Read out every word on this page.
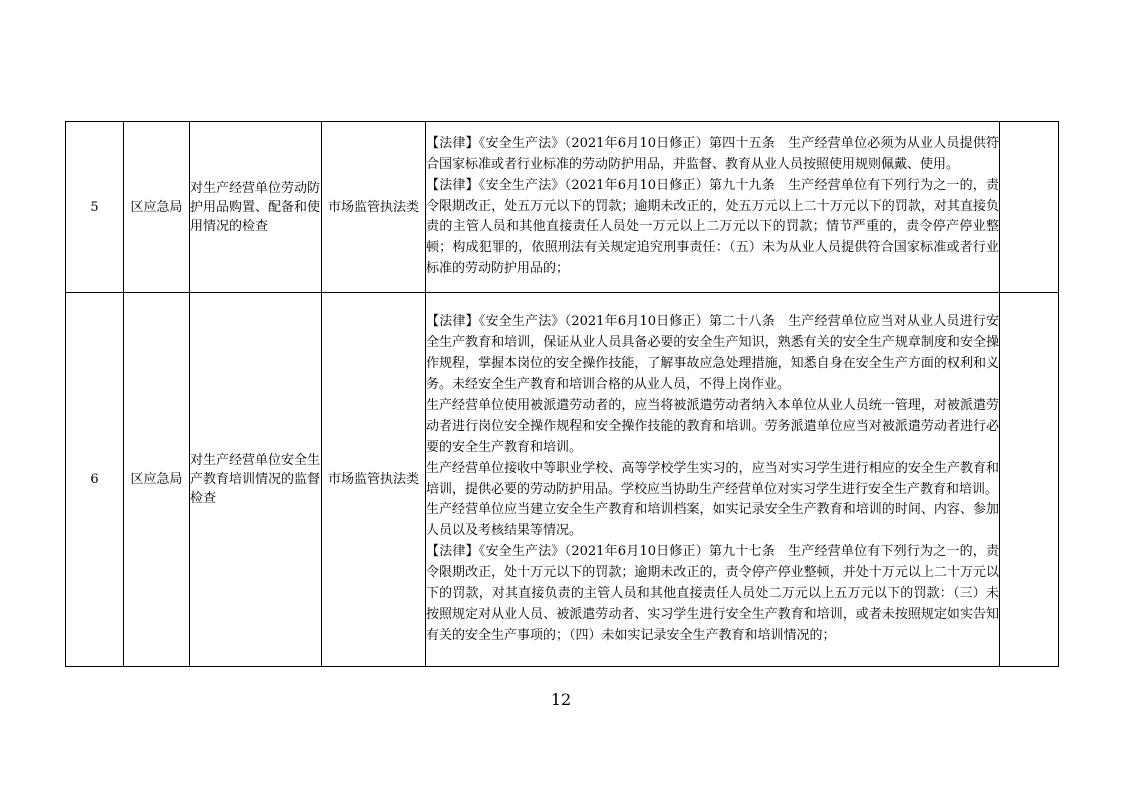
5	区应急局	对生产经营单位劳动防护用品购置、配备和使用情况的检查	市场监管执法类	【法律】《安全生产法》（2021年6月10日修正）第四十五条　生产经营单位必须为从业人员提供符合国家标准或者行业标准的劳动防护用品，并监督、教育从业人员按照使用规则佩戴、使用。

【法律】《安全生产法》（2021年6月10日修正）第九十九条　生产经营单位有下列行为之一的，责令限期改正，处五万元以下的罚款；逾期未改正的，处五万元以上二十万元以下的罚款，对其直接负责的主管人员和其他直接责任人员处一万元以上二万元以下的罚款；情节严重的，责令停产停业整顿；构成犯罪的，依照刑法有关规定追究刑事责任：（五）未为从业人员提供符合国家标准或者行业标准的劳动防护用品的；	

6	区应急局	对生产经营单位安全生产教育培训情况的监督检查	市场监管执法类	【法律】《安全生产法》（2021年6月10日修正）第二十八条　生产经营单位应当对从业人员进行安全生产教育和培训，保证从业人员具备必要的安全生产知识，熟悉有关的安全生产规章制度和安全操作规程，掌握本岗位的安全操作技能，了解事故应急处理措施，知悉自身在安全生产方面的权利和义务。未经安全生产教育和培训合格的从业人员，不得上岗作业。

生产经营单位使用被派遣劳动者的，应当将被派遣劳动者纳入本单位从业人员统一管理，对被派遣劳动者进行岗位安全操作规程和安全操作技能的教育和培训。劳务派遣单位应当对被派遣劳动者进行必要的安全生产教育和培训。

生产经营单位接收中等职业学校、高等学校学生实习的，应当对实习学生进行相应的安全生产教育和培训，提供必要的劳动防护用品。学校应当协助生产经营单位对实习学生进行安全生产教育和培训。

生产经营单位应当建立安全生产教育和培训档案，如实记录安全生产教育和培训的时间、内容、参加人员以及考核结果等情况。

【法律】《安全生产法》（2021年6月10日修正）第九十七条　生产经营单位有下列行为之一的，责令限期改正，处十万元以下的罚款；逾期未改正的，责令停产停业整顿，并处十万元以上二十万元以下的罚款，对其直接负责的主管人员和其他直接责任人员处二万元以上五万元以下的罚款：（三）未按照规定对从业人员、被派遣劳动者、实习学生进行安全生产教育和培训，或者未按照规定如实告知有关的安全生产事项的；（四）未如实记录安全生产教育和培训情况的；	

12
